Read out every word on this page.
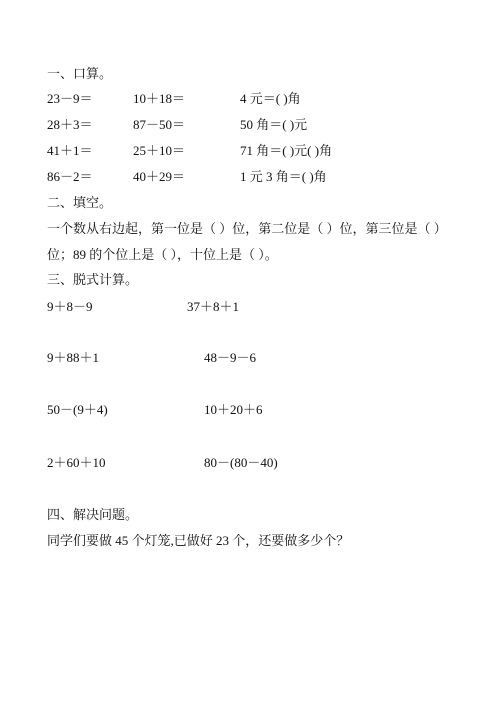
一、口算。
23－9＝	10＋18＝	4 元＝( )角
28＋3＝	87－50＝	50 角＝( )元
41＋1＝	25＋10＝	71 角＝( )元( )角
86－2＝	40＋29＝	1 元 3 角＝( )角
二、填空。
一个数从右边起，第一位是（ ）位，第二位是（ ）位，第三位是（ ）
位；89 的个位上是（ ），十位上是（ ）。
三、脱式计算。
9＋8－9	37＋8＋1
9＋88＋1	48－9－6
50－(9＋4)	10＋20＋6
2＋60＋10	80－(80－40)
四、解决问题。
同学们要做 45 个灯笼,已做好 23 个，还要做多少个？
